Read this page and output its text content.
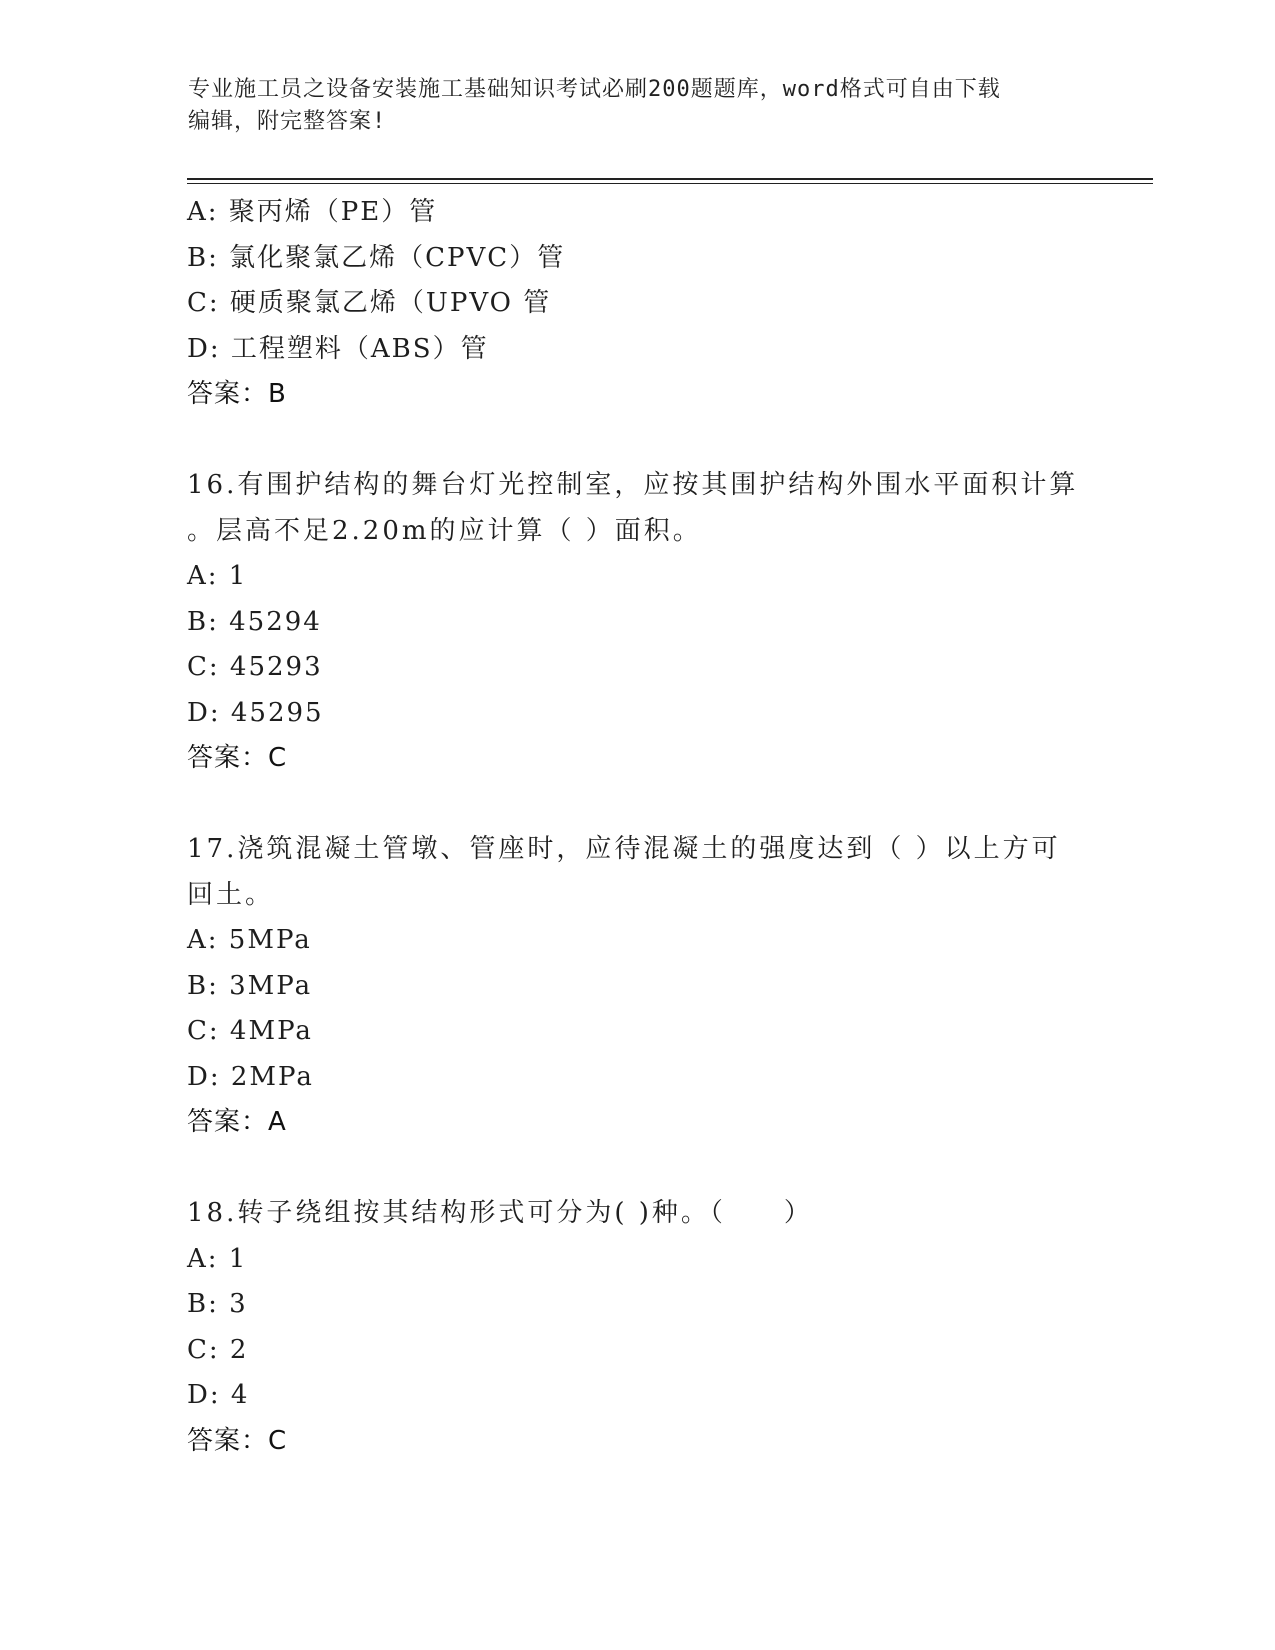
专业施工员之设备安装施工基础知识考试必刷200题题库，word格式可自由下载
编辑，附完整答案!
A: 聚丙烯（PE）管
B: 氯化聚氯乙烯（CPVC）管
C: 硬质聚氯乙烯（UPVO 管
D: 工程塑料（ABS）管
答案：B
16.有围护结构的舞台灯光控制室，应按其围护结构外围水平面积计算
。层高不足2.20m的应计算（ ）面积。
A: 1
B: 45294
C: 45293
D: 45295
答案：C
17.浇筑混凝土管墩、管座时，应待混凝土的强度达到（ ）以上方可
回土。
A: 5MPa
B: 3MPa
C: 4MPa
D: 2MPa
答案：A
18.转子绕组按其结构形式可分为( )种。（　　）
A: 1
B: 3
C: 2
D: 4
答案：C
